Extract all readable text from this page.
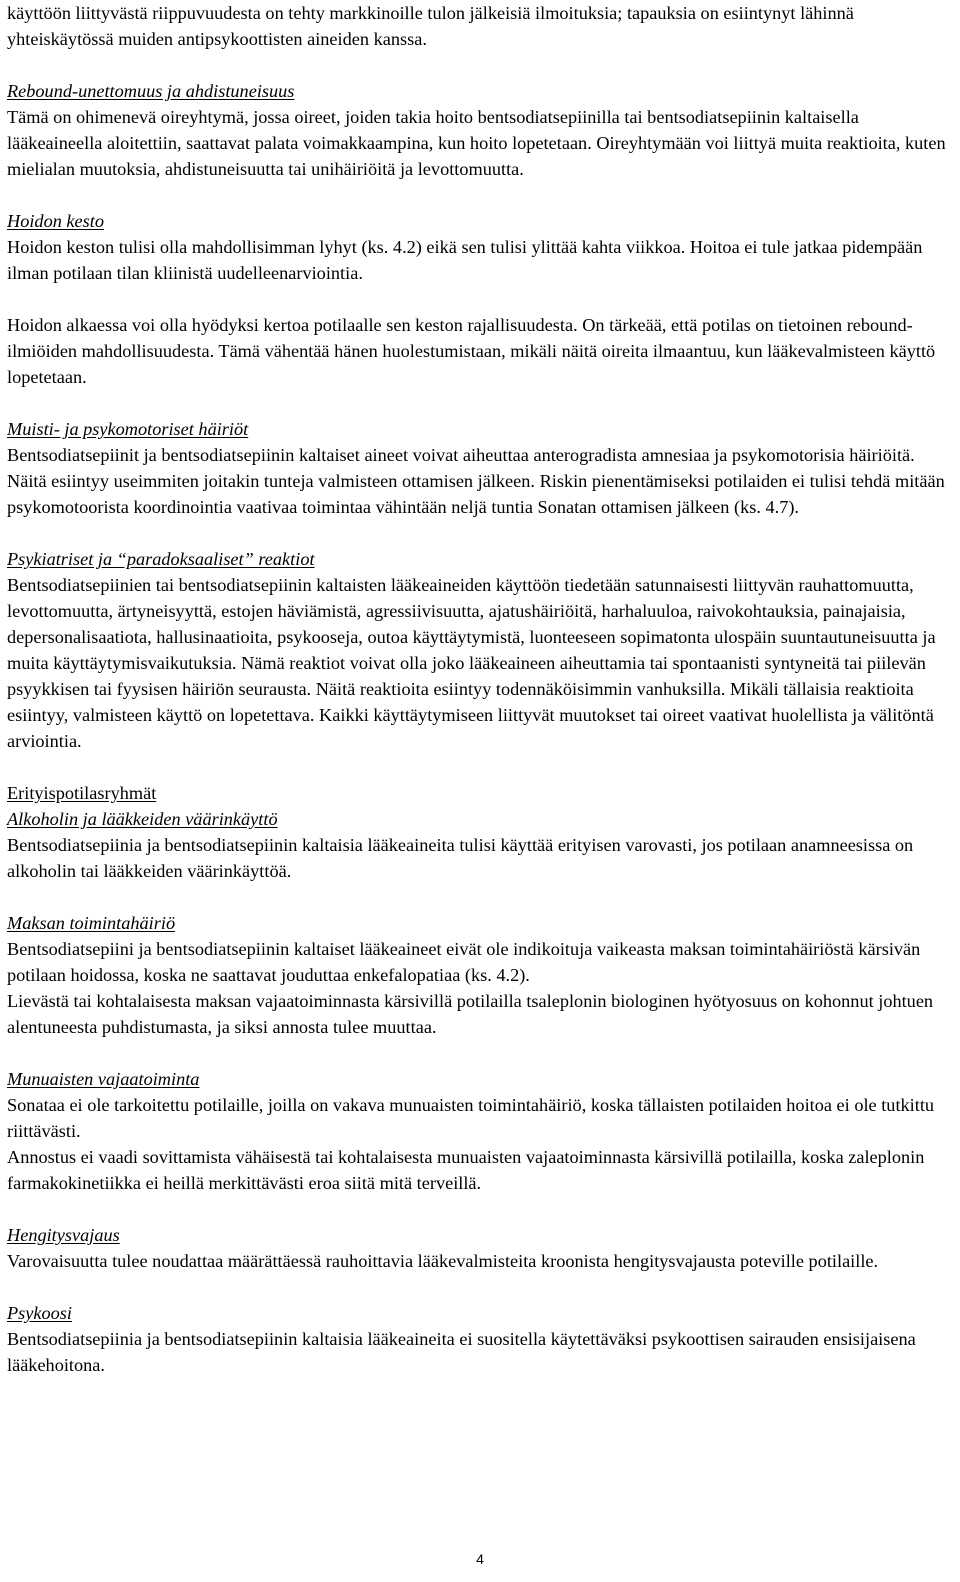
käyttöön liittyvästä riippuvuudesta on tehty markkinoille tulon jälkeisiä ilmoituksia; tapauksia on esiintynyt lähinnä yhteiskäytössä muiden antipsykoottisten aineiden kanssa.

Rebound-unettomuus ja ahdistuneisuus

Tämä on ohimenevä oireyhtymä, jossa oireet, joiden takia hoito bentsodiatsepiinilla tai bentsodiatsepiinin kaltaisella lääkeaineella aloitettiin, saattavat palata voimakkaampina, kun hoito lopetetaan. Oireyhtymään voi liittyä muita reaktioita, kuten mielialan muutoksia, ahdistuneisuutta tai unihäiriöitä ja levottomuutta.

Hoidon kesto

Hoidon keston tulisi olla mahdollisimman lyhyt (ks. 4.2) eikä sen tulisi ylittää kahta viikkoa. Hoitoa ei tule jatkaa pidempään ilman potilaan tilan kliinistä uudelleenarviointia.

Hoidon alkaessa voi olla hyödyksi kertoa potilaalle sen keston rajallisuudesta. On tärkeää, että potilas on tietoinen rebound-ilmiöiden mahdollisuudesta. Tämä vähentää hänen huolestumistaan, mikäli näitä oireita ilmaantuu, kun lääkevalmisteen käyttö lopetetaan.

Muisti- ja psykomotoriset häiriöt

Bentsodiatsepiinit ja bentsodiatsepiinin kaltaiset aineet voivat aiheuttaa anterogradista amnesiaa ja psykomotorisia häiriöitä. Näitä esiintyy useimmiten joitakin tunteja valmisteen ottamisen jälkeen. Riskin pienentämiseksi potilaiden ei tulisi tehdä mitään psykomotoorista koordinointia vaativaa toimintaa vähintään neljä tuntia Sonatan ottamisen jälkeen (ks. 4.7).

Psykiatriset ja “paradoksaaliset” reaktiot

Bentsodiatsepiinien tai bentsodiatsepiinin kaltaisten lääkeaineiden käyttöön tiedetään satunnaisesti liittyvän rauhattomuutta, levottomuutta, ärtyneisyyttä, estojen häviämistä, agressiivisuutta, ajatushäiriöitä, harhaluuloa, raivokohtauksia, painajaisia, depersonalisaatiota, hallusinaatioita, psykooseja, outoa käyttäytymistä, luonteeseen sopimatonta ulospäin suuntautuneisuutta ja muita käyttäytymisvaikutuksia. Nämä reaktiot voivat olla joko lääkeaineen aiheuttamia tai spontaanisti syntyneitä tai piilevän psyykkisen tai fyysisen häiriön seurausta. Näitä reaktioita esiintyy todennäköisimmin vanhuksilla. Mikäli tällaisia reaktioita esiintyy, valmisteen käyttö on lopetettava. Kaikki käyttäytymiseen liittyvät muutokset tai oireet vaativat huolellista ja välitöntä arviointia.

Erityispotilasryhmät

Alkoholin ja lääkkeiden väärinkäyttö

Bentsodiatsepiinia ja bentsodiatsepiinin kaltaisia lääkeaineita tulisi käyttää erityisen varovasti, jos potilaan anamneesissa on alkoholin tai lääkkeiden väärinkäyttöä.

Maksan toimintahäiriö

Bentsodiatsepiini ja bentsodiatsepiinin kaltaiset lääkeaineet eivät ole indikoituja vaikeasta maksan toimintahäiriöstä kärsivän potilaan hoidossa, koska ne saattavat jouduttaa enkefalopatiaa (ks. 4.2).

Lievästä tai kohtalaisesta maksan vajaatoiminnasta kärsivillä potilailla tsaleplonin biologinen hyötyosuus on kohonnut johtuen alentuneesta puhdistumasta, ja siksi annosta tulee muuttaa.

Munuaisten vajaatoiminta

Sonataa ei ole tarkoitettu potilaille, joilla on vakava munuaisten toimintahäiriö, koska tällaisten potilaiden hoitoa ei ole tutkittu riittävästi.

Annostus ei vaadi sovittamista vähäisestä tai kohtalaisesta munuaisten vajaatoiminnasta kärsivillä potilailla, koska zaleplonin farmakokinetiikka ei heillä merkittävästi eroa siitä mitä terveillä.

Hengitysvajaus

Varovaisuutta tulee noudattaa määrättäessä rauhoittavia lääkevalmisteita kroonista hengitysvajausta poteville potilaille.

Psykoosi

Bentsodiatsepiinia ja bentsodiatsepiinin kaltaisia lääkeaineita ei suositella käytettäväksi psykoottisen sairauden ensisijaisena lääkehoitona.

4
